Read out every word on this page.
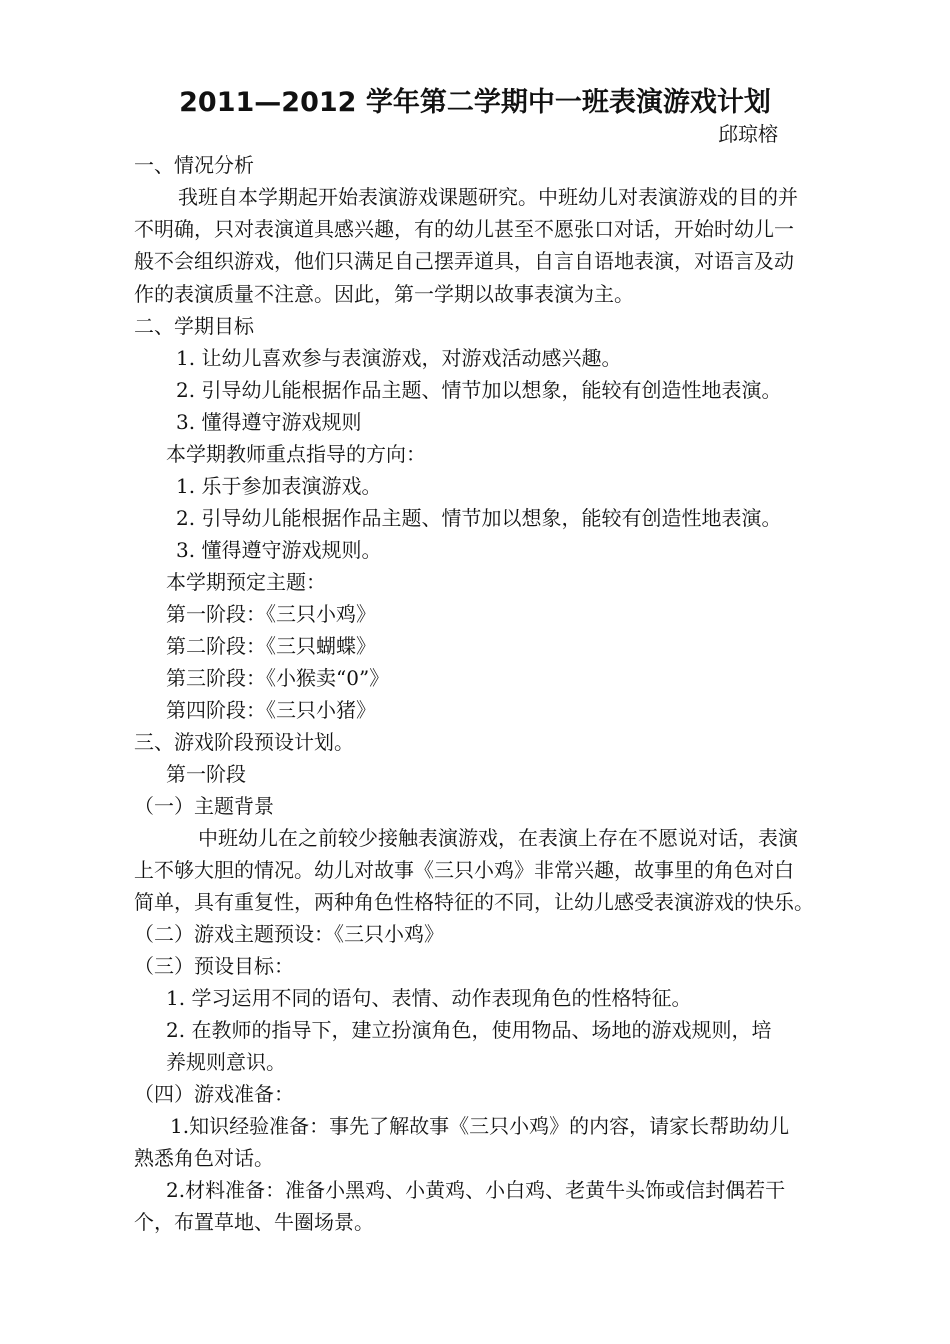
2011—2012 学年第二学期中一班表演游戏计划
邱琼榕
一、情况分析
我班自本学期起开始表演游戏课题研究。中班幼儿对表演游戏的目的并
不明确，只对表演道具感兴趣，有的幼儿甚至不愿张口对话，开始时幼儿一
般不会组织游戏，他们只满足自己摆弄道具，自言自语地表演，对语言及动
作的表演质量不注意。因此，第一学期以故事表演为主。
二、学期目标
1. 让幼儿喜欢参与表演游戏，对游戏活动感兴趣。
2. 引导幼儿能根据作品主题、情节加以想象，能较有创造性地表演。
3. 懂得遵守游戏规则
本学期教师重点指导的方向：
1. 乐于参加表演游戏。
2. 引导幼儿能根据作品主题、情节加以想象，能较有创造性地表演。
3. 懂得遵守游戏规则。
本学期预定主题：
第一阶段：《三只小鸡》
第二阶段：《三只蝴蝶》
第三阶段：《小猴卖“0”》
第四阶段：《三只小猪》
三、游戏阶段预设计划。
第一阶段
（一）主题背景
中班幼儿在之前较少接触表演游戏，在表演上存在不愿说对话，表演
上不够大胆的情况。幼儿对故事《三只小鸡》非常兴趣，故事里的角色对白
简单，具有重复性，两种角色性格特征的不同，让幼儿感受表演游戏的快乐。
（二）游戏主题预设：《三只小鸡》
（三）预设目标：
1. 学习运用不同的语句、表情、动作表现角色的性格特征。
2. 在教师的指导下，建立扮演角色，使用物品、场地的游戏规则，培
养规则意识。
（四）游戏准备：
1.知识经验准备：事先了解故事《三只小鸡》的内容，请家长帮助幼儿
熟悉角色对话。
2.材料准备：准备小黑鸡、小黄鸡、小白鸡、老黄牛头饰或信封偶若干
个，布置草地、牛圈场景。
